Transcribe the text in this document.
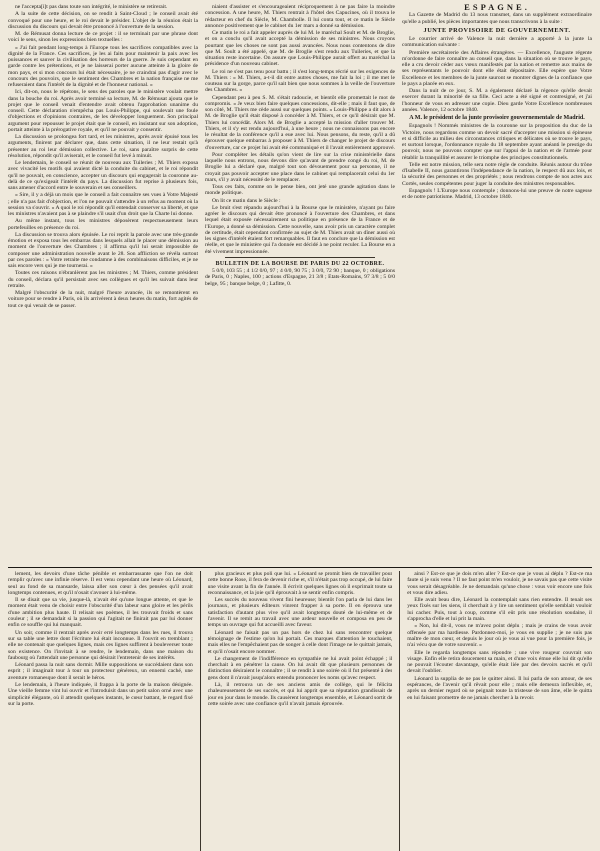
ne l'accepta[i]t pas dans toute son intégrité, le ministère se retirerait.

A la suite de cette décision, on se rendit à Saint-Cloud ; le conseil avait été convoqué pour une heure, et le roi devait le présider. L'objet de la réunion était la discussion du discours qui devait être prononcé à l'ouverture de la session.

M. de Rémusat donna lecture de ce projet : il se terminait par une phrase dont voici le sens, sinon les expressions bien textuelles :

« J'ai fait pendant long-temps à l'Europe tous les sacrifices compatibles avec la dignité de la France. Ces sacrifices, je les ai faits pour maintenir la paix avec les puissances et sauver la civilisation des horreurs de la guerre. Je suis cependant en garde contre les prétentions, et je ne laisserai porter aucune atteinte à la gloire de mon pays, et si mon concours lui était nécessaire, je ne craindrai pas d'agir avec le concours des pouvoirs, que le sentiment des Chambres et la nation française ne me refuseraient dans l'intérêt de la dignité et de l'honneur national. »

Ici, dit-on, nous le répétons, le sens des paroles que le ministère voulait mettre dans la bouche du roi. Après avoir terminé sa lecture, M. de Rémusat ajouta que le projet que le conseil venait d'entendre avait obtenu l'approbation unanime du conseil. Cette déclaration n'empêcha pas Louis-Philippe, qui soulevait une foule d'objections et d'opinions contraires, de les développer longuement. Son principal argument pour repousser le projet était que le conseil, en insistant sur son adoption, portait atteinte à la prérogative royale, et qu'il ne pouvait y consentir.

La discussion se prolongea fort tard, et les ministres, après avoir épuisé tous les arguments, finirent par déclarer que, dans cette situation, il ne leur restait qu'à présenter au roi leur démission collective. Le roi, sans paraître surpris de cette résolution, répondit qu'il aviserait, et le conseil fut levé à minuit.

Le lendemain, le conseil se réunit de nouveau aux Tuileries ; M. Thiers exposa avec vivacité les motifs qui avaient dicté la conduite du cabinet, et le roi répondit qu'il ne pouvait, en conscience, accepter un discours qui engagerait la couronne au-delà de ce qu'exigeait l'intérêt du pays. La discussion fut reprise à plusieurs fois, sans amener d'accord entre le souverain et ses conseillers.

« Sire, il y a déjà un mois que le conseil a fait connaître ses vues à Votre Majesté ; elle n'a pas fait d'objection, et l'on ne pouvait s'attendre à un refus au moment où la session va s'ouvrir. » A quoi le roi répondit qu'il entendait conserver sa liberté, et que les ministres n'avaient pas à se plaindre s'il usait d'un droit que la Charte lui donne.

Au même instant, tous les ministres déposèrent respectueusement leurs portefeuilles en présence du roi.

La discussion se trouva alors épuisée. Le roi reprit la parole avec une très-grande émotion et exposa tous les embarras dans lesquels allait le placer une démission au moment de l'ouverture des Chambres ; il affirma qu'il lui serait impossible de composer une administration nouvelle avant le 28. Son affliction se révéla surtout par ces paroles : « Votre retraite me condamne à des combinaisons difficiles, et je ne sais encore vers qui je me tournerai. »

Toutes ces raisons n'ébranlèrent pas les ministres ; M. Thiers, comme président du conseil, déclara qu'il persistait avec ses collègues et qu'il les suivait dans leur retraite.

Malgré l'obscurité de la nuit, malgré l'heure avancée, ils se remontèrent en voiture pour se rendre à Paris, où ils arrivèrent à deux heures du matin, fort agités de tout ce qui venait de se passer.

niaient d'assister et s'encourageaient réciproquement à ne pas faire la moindre concession. A une heure, M. Thiers rentrait à l'hôtel des Capucines, où il trouva le rédacteur en chef du Siècle, M. Chambolle. Il lui conta tout, et ce matin le Siècle annonce positivement que le cabinet du 1er mars a donné sa démission.

Ce matin le roi a fait appeler auprès de lui M. le maréchal Soult et M. de Broglie, et on a conclu qu'il avait accepté la démission de ses ministres. Nous croyons pourtant que les choses ne sont pas aussi avancées. Nous nous contentons de dire que M. Soult a été appelé, que M. de Broglie s'est rendu aux Tuileries, et que la situation reste incertaine. On assure que Louis-Philippe aurait offert au maréchal la présidence d'un nouveau cabinet.

Le roi ne s'est pas tenu pour battu ; il s'est long-temps récrié sur les exigences de M. Thiers : « M. Thiers, a-t-il dit entre autres choses, me fait la loi ; il me met le couteau sur la gorge, parce qu'il sait bien que nous sommes à la veille de l'ouverture des Chambres. »

Cependant peu à peu S. M. s'était radoucie, et bientôt elle promettait le mot de compromis. « Je veux bien faire quelques concessions, dit-elle ; mais il faut que, de son côté, M. Thiers me cède aussi sur quelques points. » Louis-Philippe a dit alors à M. de Broglie qu'il était disposé à concéder à M. Thiers, et ce qu'il désirait que M. Thiers lui concédât. Alors M. de Broglie a accepté la mission d'aller trouver M. Thiers, et il s'y est rendu aujourd'hui, à une heure ; nous ne connaissons pas encore le résultat de la conférence qu'il a eue avec lui. Nous pensons, du reste, qu'il a dû éprouver quelque embarras à proposer à M. Thiers de changer le projet de discours d'ouverture, car ce projet lui avait été communiqué et il l'avait entièrement approuvé.

Pour compléter les détails qu'on vient de lire sur la crise ministérielle dans laquelle nous entrons, nous devons dire qu'avant de prendre congé du roi, M. de Broglie lui a déclaré que, malgré tout son dévouement pour sa personne, il ne croyait pas pouvoir accepter une place dans le cabinet qui remplacerait celui du 1er mars, s'il y avait nécessité de le remplacer.

Tous ces faits, comme on le pense bien, ont jeté une grande agitation dans le monde politique.

On lit ce matin dans le Siècle :

Le bruit s'est répandu aujourd'hui à la Bourse que le ministère, n'ayant pu faire agréer le discours qui devait être prononcé à l'ouverture des Chambres, et dans lequel était exposée nécessairement sa politique en présence de la France et de l'Europe, a donné sa démission. Cette nouvelle, sans avoir pris un caractère complet de certitude, était cependant confirmée au sujet de M. Thiers avait un dîner aussi où les signes d'intérêt étaient fort remarquables. Il faut en conclure que la démission est réelle, et que le ministère qui l'a donnée est décidé à ne point reculer. La Bourse en a été vivement impressionnée.

BULLETIN DE LA BOURSE DE PARIS DU 22 OCTOBRE.

5 0/0, 103 55 ; 4 1/2 0/0, 97 ; 4 0/0, 90 75 ; 3 0/0, 72 90 ; banque, 0 ; obligations de Paris, 0 ; Naples, 100 ; actions d'Espagne, 21 3/8 ; Etats-Romains, 97 3/8 ; 5 0/0 belge, 95 ; banque belge, 0 ; Lafitte, 0.

ESPAGNE.

La Gazette de Madrid du 13 nous transmet, dans un supplément extraordinaire qu'elle a publié, les pièces importantes que nous transcrivons à la suite :

JUNTE PROVISOIRE DE GOUVERNEMENT.

Le courrier arrivé de Valence la nuit dernière a apporté à la junte la communication suivante :

Première secrétairerie des Affaires étrangères. — Excellence, l'auguste régente m'ordonne de faire connaître au conseil que, dans la situation où se trouve le pays, elle a cru devoir céder aux vœux manifestés par la nation et remettre aux mains de ses représentants le pouvoir dont elle était dépositaire. Elle espère que Votre Excellence et les membres de la junte sauront se montrer dignes de la confiance que le pays a placée en eux.

Dans la nuit de ce jour, S. M. a également déclaré la régence qu'elle devait exercer durant la minorité de sa fille. Ceci acte a été signé et contresigné, et j'ai l'honneur de vous en adresser une copie. Dieu garde Votre Excellence nombreuses années. Valence, 12 octobre 1840.

A M. le président de la junte provisoire gouvernementale de Madrid.

Espagnols ! Nommés ministres de la couronne sur la proposition du duc de la Victoire, nous regardons comme un devoir sacré d'accepter une mission si épineuse et si difficile au milieu des circonstances critiques et délicates où se trouve le pays, et surtout lorsque, l'ordonnance royale du 18 septembre ayant anéanti le prestige du pouvoir, nous ne pouvons compter que sur l'appui de la nation et de l'armée pour rétablir la tranquillité et assurer le triomphe des principes constitutionnels.

Telle est notre mission, telle sera notre règle de conduite. Réunis autour du trône d'Isabelle II, nous garantirons l'indépendance de la nation, le respect dû aux lois, et la sécurité des personnes et des propriétés ; nous rendrons compte de nos actes aux Cortès, seules compétentes pour juger la conduite des ministres responsables.

Espagnols ! L'Europe nous contemple ; donnons-lui une preuve de notre sagesse et de notre patriotisme. Madrid, 13 octobre 1840.

lement, les devoirs d'une tâche pénible et embarrassante que l'on ne doit remplir qu'avec une infinie réserve. Il est venu cependant une heure où Léonard, seul au fond de sa mansarde, laissa aller son cœur à des pensées qu'il avait longtemps contenues, et qu'il n'osait s'avouer à lui-même.

Il se disait que sa vie, jusque-là, n'avait été qu'une longue attente, et que le moment était venu de choisir entre l'obscurité d'un labeur sans gloire et les périls d'une ambition plus haute. Il relisait ses poèmes, il les trouvait froids et sans couleur ; il se demandait si la passion qui l'agitait ne finirait pas par lui donner enfin ce souffle qui lui manquait.

Un soir, comme il rentrait après avoir erré longtemps dans les rues, il trouva sur sa table une lettre dont l'écriture lui était inconnue. Il l'ouvrit en tremblant ; elle ne contenait que quelques lignes, mais ces lignes suffirent à bouleverser toute son existence. On l'invitait à se rendre, le lendemain, dans une maison du faubourg où l'attendait une personne qui désirait l'entretenir de ses intérêts.

Léonard passa la nuit sans dormir. Mille suppositions se succédaient dans son esprit ; il imaginait tour à tour un protecteur généreux, un ennemi caché, une aventure romanesque dont il serait le héros.

Le lendemain, à l'heure indiquée, il frappa à la porte de la maison désignée. Une vieille femme vint lui ouvrir et l'introduisit dans un petit salon orné avec une simplicité élégante, où il attendit quelques instants, le cœur battant, le regard fixé sur la porte.

plus gracieux et plus poli que lui. » Léonard se promit bien de travailler pour cette bonne Rose, il fera de devenir riche et, s'il n'était pas trop occupé, de lui faire une visite avant la fin de l'année. Il écrivit quelques lignes où il exprimait toute sa reconnaissance, et la joie qu'il éprouvait à se sentir enfin compris.

Les succès du nouveau vivent fini heureuse; bientôt l'on parla de lui dans les journaux, et plusieurs éditeurs vinrent frapper à sa porte. Il en éprouva une satisfaction d'autant plus vive qu'il avait longtemps douté de lui-même et de l'avenir. Il se remit au travail avec une ardeur nouvelle et composa en peu de temps un ouvrage qui fut accueilli avec faveur.

Léonard ne faisait pas un pas hors de chez lui sans rencontrer quelque témoignage de l'estime qu'on lui portait. Ces marques d'attention le touchaient, mais elles ne l'empêchaient pas de songer à celle dont l'image ne le quittait jamais, et qu'il n'osait encore nommer.

Le changement de l'indifférence en sympathie ne lui avait point échappé ; il cherchait à en pénétrer la cause. On lui avait dit que plusieurs personnes de distinction désiraient le connaître ; il se rendit à une soirée où il fut présenté à des gens dont il n'avait jusqu'alors entendu prononcer les noms qu'avec respect.

Là, il retrouva un de ses anciens amis de collège, qui le félicita chaleureusement de ses succès, et qui lui apprit que sa réputation grandissait de jour en jour dans le monde. Ils causèrent longtemps ensemble, et Léonard sortit de cette soirée avec une confiance qu'il n'avait jamais éprouvée.

ainsi ? Est-ce que je dois m'en aller ? Est-ce que je vous ai déplu ? Est-ce ma faute si je suis venu ? Il ne faut point m'en vouloir, je ne savais pas que cette visite vous serait désagréable. Je ne demandais qu'une chose : vous voir encore une fois et vous dire adieu.

Elle avait beau dire, Léonard la contemplait sans rien entendre. Il tenait ses yeux fixés sur les siens, il cherchait à y lire un sentiment qu'elle semblait vouloir lui cacher. Puis, tout à coup, comme s'il eût pris une résolution soudaine, il s'approcha d'elle et lui prit la main.

« Non, lui dit-il, vous ne m'avez point déplu ; mais je crains de vous avoir offensée par ma hardiesse. Pardonnez-moi, je vous en supplie ; je ne suis pas maître de mon cœur, et depuis le jour où je vous ai vue pour la première fois, je n'ai vécu que de votre souvenir. »

Elle le regarda longtemps sans répondre ; une vive rougeur couvrait son visage. Enfin elle retira doucement sa main, et d'une voix émue elle lui dit qu'elle ne pouvait l'écouter davantage, qu'elle était liée par des devoirs sacrés et qu'il devait l'oublier.

Léonard la supplia de ne pas le quitter ainsi. Il lui parla de son amour, de ses espérances, de l'avenir qu'il rêvait pour elle ; mais elle demeura inflexible, et, après un dernier regard où se peignait toute la tristesse de son âme, elle le quitta en lui faisant promettre de ne jamais chercher à la revoir.
